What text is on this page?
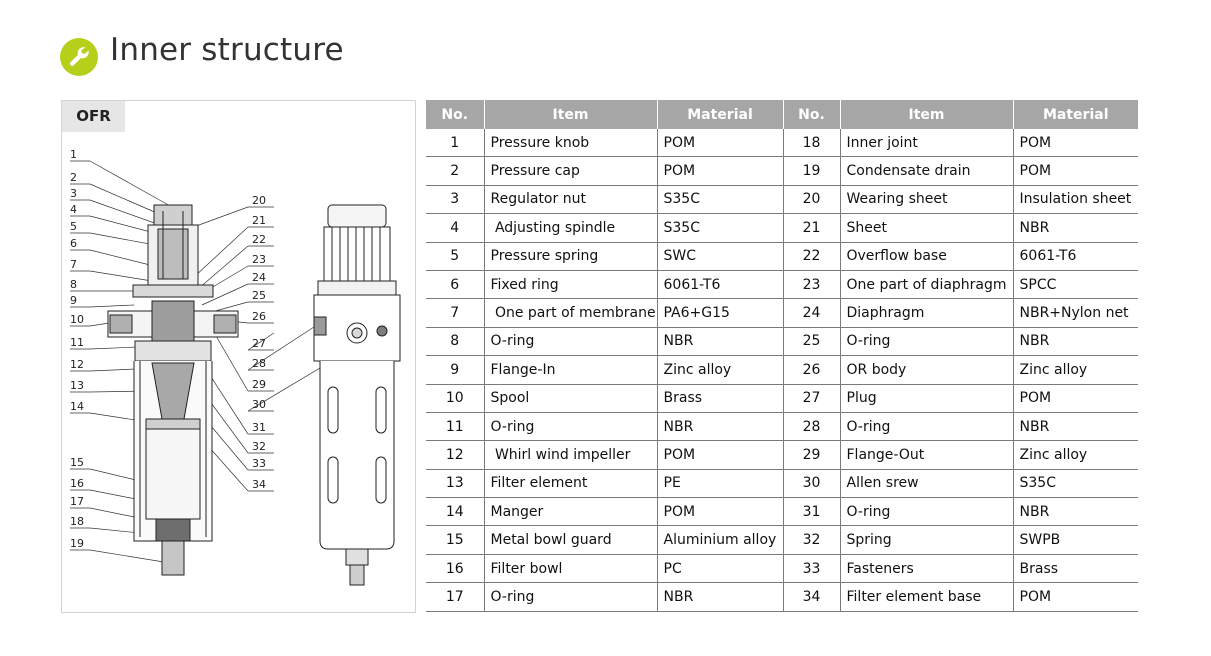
Inner structure
1
2
3
4
5
6
7
8
9
10
11
12
13
14
15
16
17
18
19
20
21
22
23
24
25
26
27
28
29
30
31
32
33
34
OFR	No.	Item	Material	No.	Item	Material
1	Pressure knob	POM	18	Inner joint	POM
2	Pressure cap	POM	19	Condensate drain	POM
3	Regulator nut	S35C	20	Wearing sheet	Insulation sheet
4	Adjusting spindle	S35C	21	Sheet	NBR
5	Pressure spring	SWC	22	Overflow base	6061-T6
6	Fixed ring	6061-T6	23	One part of diaphragm	SPCC
7	One part of membrane	PA6+G15	24	Diaphragm	NBR+Nylon net
8	O-ring	NBR	25	O-ring	NBR
9	Flange-In	Zinc alloy	26	OR body	Zinc alloy
10	Spool	Brass	27	Plug	POM
11	O-ring	NBR	28	O-ring	NBR
12	Whirl wind impeller	POM	29	Flange-Out	Zinc alloy
13	Filter element	PE	30	Allen srew	S35C
14	Manger	POM	31	O-ring	NBR
15	Metal bowl guard	Aluminium alloy	32	Spring	SWPB
16	Filter bowl	PC	33	Fasteners	Brass
17	O-ring	NBR	34	Filter element base	POM
